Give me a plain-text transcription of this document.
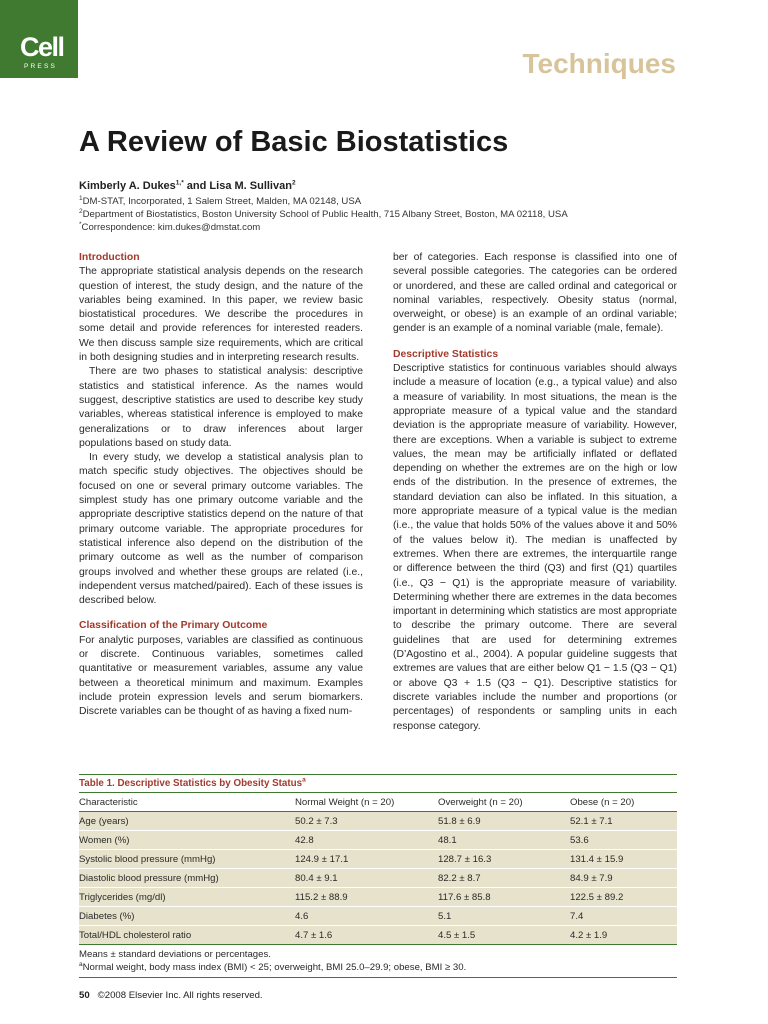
Cell
PRESS	Techniques
A Review of Basic Biostatistics
Kimberly A. Dukes$^{1,*}$ and Lisa M. Sullivan$^2$
$^1$DM-STAT, Incorporated, 1 Salem Street, Malden, MA 02148, USA
$^2$Department of Biostatistics, Boston University School of Public Health, 715 Albany Street, Boston, MA 02118, USA
*Correspondence: kim.dukes@dmstat.com
Introduction

The appropriate statistical analysis depends on the research question of interest, the study design, and the nature of the variables being examined. In this paper, we review basic biostatistical procedures. We describe the procedures in some detail and provide references for interested readers. We then discuss sample size requirements, which are critical in both designing studies and in interpreting research results.

There are two phases to statistical analysis: descriptive statistics and statistical inference. As the names would suggest, descriptive statistics are used to describe key study variables, whereas statistical inference is employed to make generalizations or to draw inferences about larger populations based on study data.

In every study, we develop a statistical analysis plan to match specific study objectives. The objectives should be focused on one or several primary outcome variables. The simplest study has one primary outcome variable and the appropriate descriptive statistics depend on the nature of that primary outcome variable. The appropriate procedures for statistical inference also depend on the distribution of the primary outcome as well as the number of comparison groups involved and whether these groups are related (i.e., independent versus matched/paired). Each of these issues is described below.

Classification of the Primary Outcome

For analytic purposes, variables are classified as continuous or discrete. Continuous variables, sometimes called quantitative or measurement variables, assume any value between a theoretical minimum and maximum. Examples include protein expression levels and serum biomarkers. Discrete variables can be thought of as having a fixed num-

ber of categories. Each response is classified into one of several possible categories. The categories can be ordered or unordered, and these are called ordinal and categorical or nominal variables, respectively. Obesity status (normal, overweight, or obese) is an example of an ordinal variable; gender is an example of a nominal variable (male, female).

Descriptive Statistics

Descriptive statistics for continuous variables should always include a measure of location (e.g., a typical value) and also a measure of variability. In most situations, the mean is the appropriate measure of a typical value and the standard deviation is the appropriate measure of variability. However, there are exceptions. When a variable is subject to extreme values, the mean may be artificially inflated or deflated depending on whether the extremes are on the high or low ends of the distribution. In the presence of extremes, the standard deviation can also be inflated. In this situation, a more appropriate measure of a typical value is the median (i.e., the value that holds 50% of the values above it and 50% of the values below it). The median is unaffected by extremes. When there are extremes, the interquartile range or difference between the third (Q3) and first (Q1) quartiles (i.e., Q3 − Q1) is the appropriate measure of variability. Determining whether there are extremes in the data becomes important in determining which statistics are most appropriate to describe the primary outcome. There are several guidelines that are used for determining extremes (D’Agostino et al., 2004). A popular guideline suggests that extremes are values that are either below Q1 − 1.5 (Q3 − Q1) or above Q3 + 1.5 (Q3 − Q1). Descriptive statistics for discrete variables include the number and proportions (or percentages) of respondents or sampling units in each response category.

Table 1. Descriptive Statistics by Obesity Status$^a$
Characteristic	Normal Weight (n = 20)	Overweight (n = 20)	Obese (n = 20)
Age (years)	50.2 ± 7.3	51.8 ± 6.9	52.1 ± 7.1
Women (%)	42.8	48.1	53.6
Systolic blood pressure (mmHg)	124.9 ± 17.1	128.7 ± 16.3	131.4 ± 15.9
Diastolic blood pressure (mmHg)	80.4 ± 9.1	82.2 ± 8.7	84.9 ± 7.9
Triglycerides (mg/dl)	115.2 ± 88.9	117.6 ± 85.8	122.5 ± 89.2
Diabetes (%)	4.6	5.1	7.4
Total/HDL cholesterol ratio	4.7 ± 1.6	4.5 ± 1.5	4.2 ± 1.9
Means ± standard deviations or percentages.
$^a$Normal weight, body mass index (BMI) < 25; overweight, BMI 25.0–29.9; obese, BMI ≥ 30.
50 ©2008 Elsevier Inc. All rights reserved.
